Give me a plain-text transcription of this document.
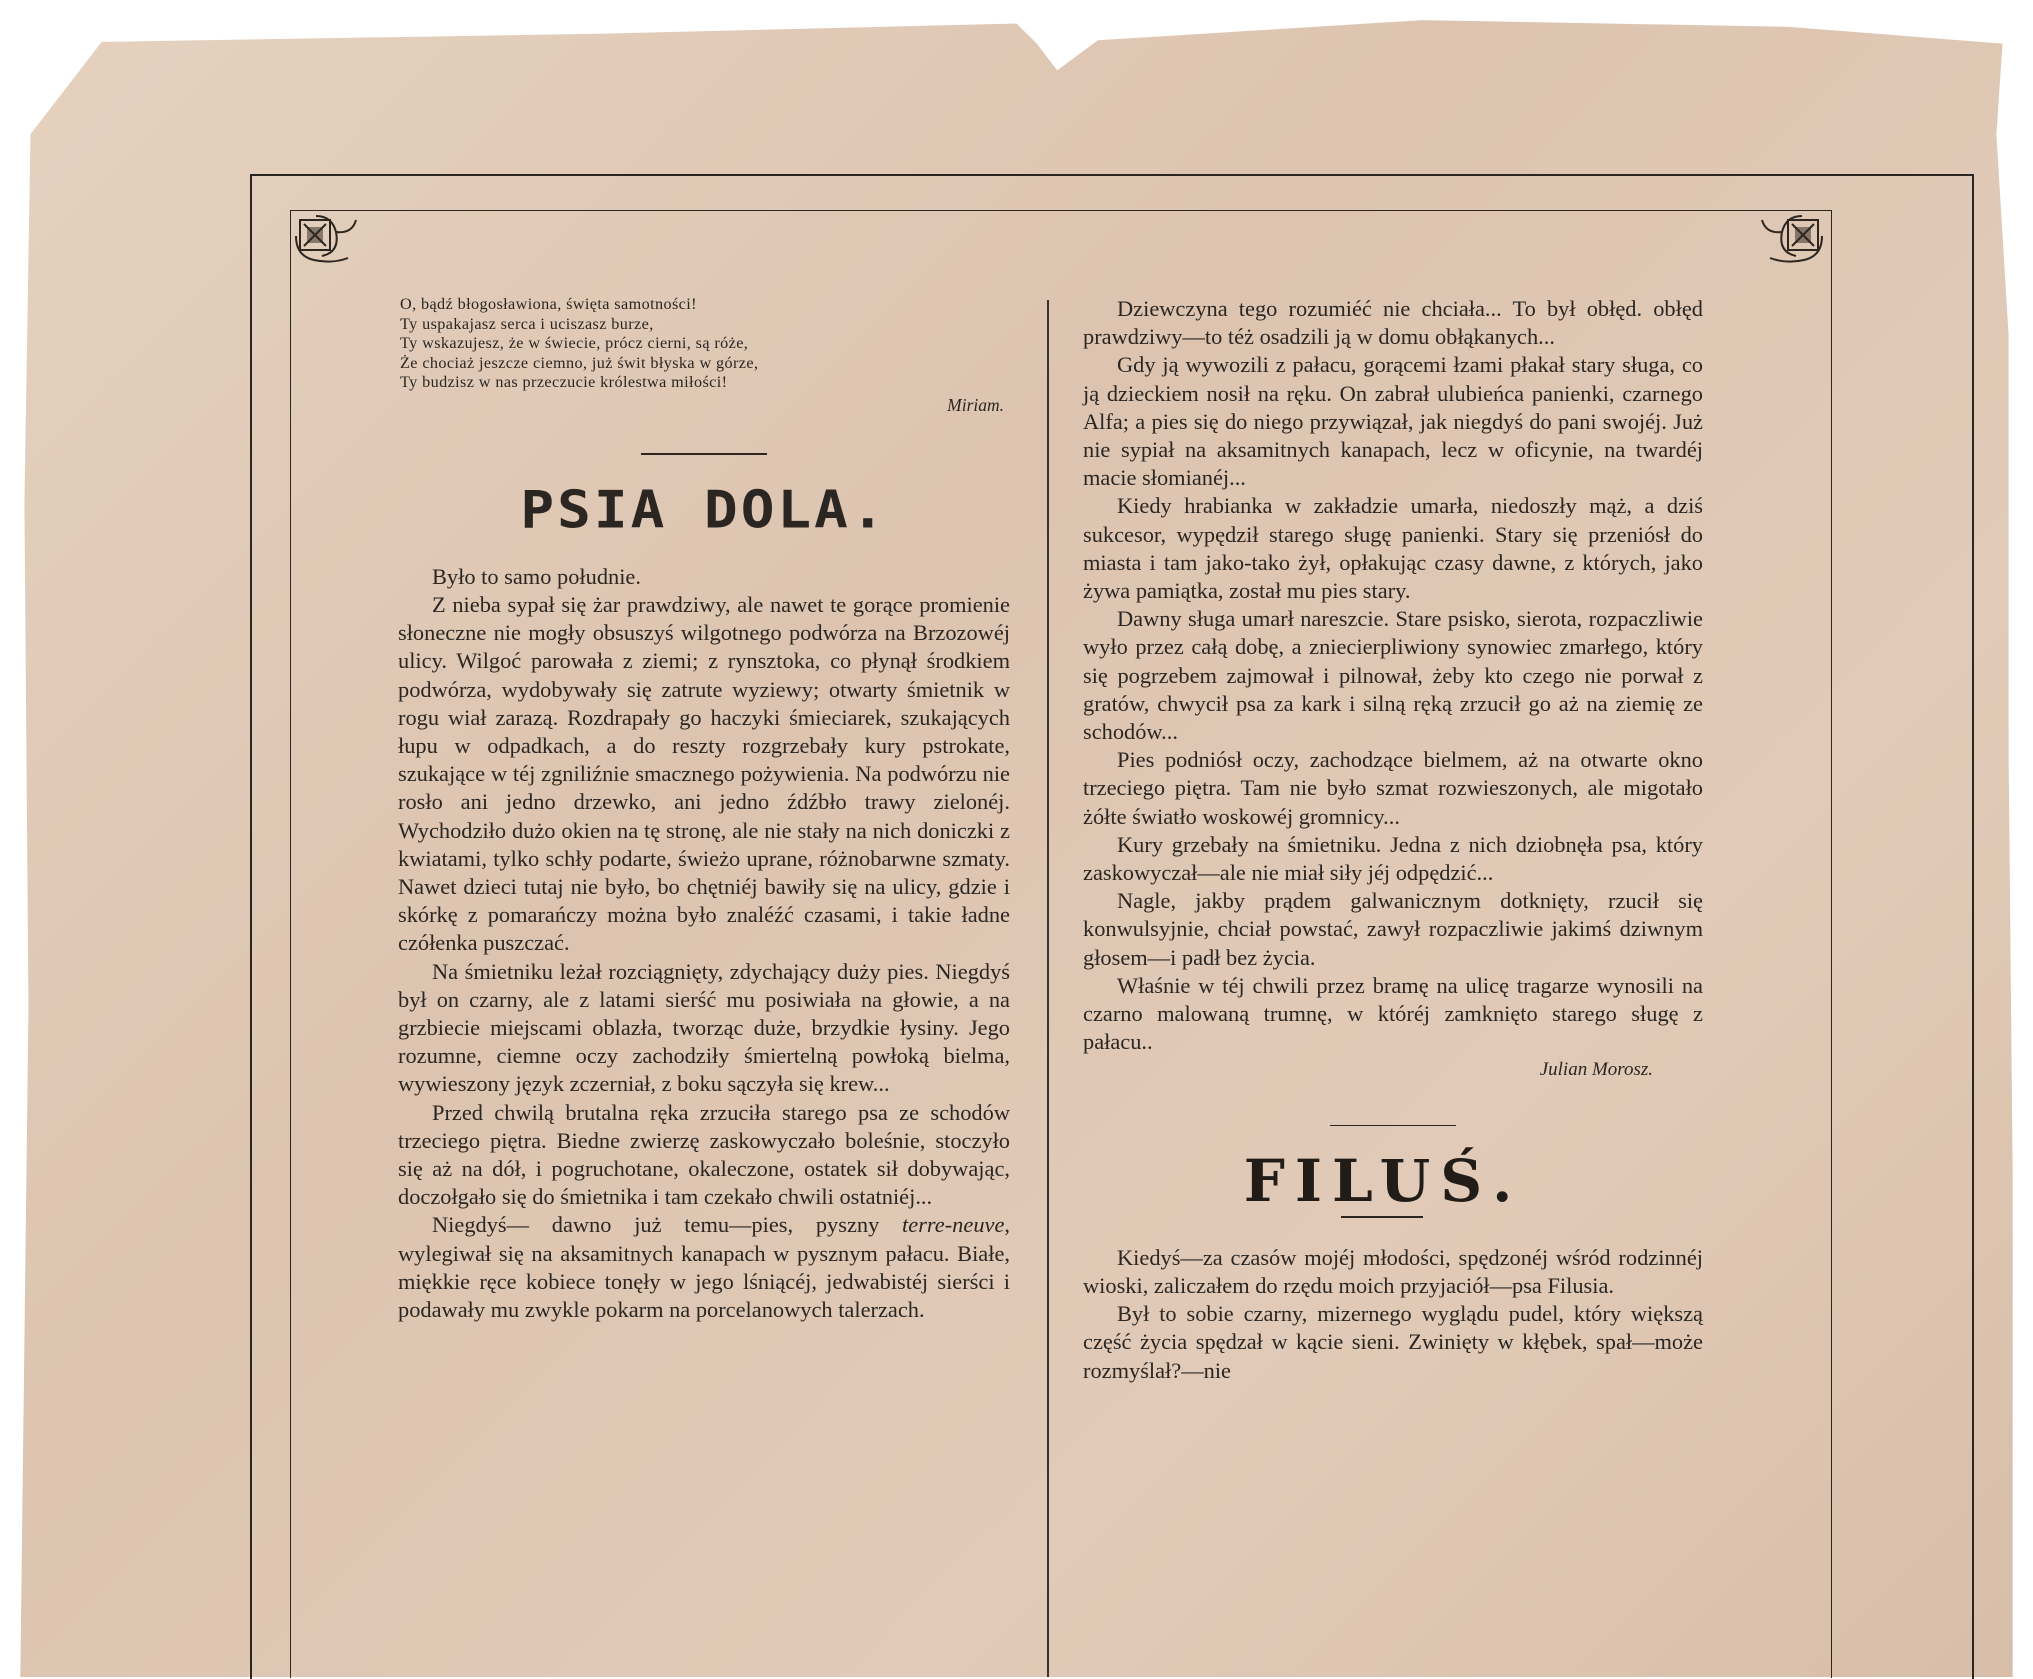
O, bądź błogosławiona, święta samotności!
Ty uspakajasz serca i uciszasz burze,
Ty wskazujesz, że w świecie, prócz cierni, są róże,
Że chociaż jeszcze ciemno, już świt błyska w górze,
Ty budzisz w nas przeczucie królestwa miłości!
Miriam.
PSIA DOLA.

Było to samo południe.

Z nieba sypał się żar prawdziwy, ale nawet te gorące promienie słoneczne nie mogły obsuszyś wilgotnego podwórza na Brzozowéj ulicy. Wilgoć parowała z ziemi; z rynsztoka, co płynął środkiem podwórza, wydobywały się zatrute wyziewy; otwarty śmietnik w rogu wiał zarazą. Rozdrapały go haczyki śmieciarek, szukających łupu w odpadkach, a do reszty rozgrzebały kury pstrokate, szukające w téj zgniliźnie smacznego pożywienia. Na podwórzu nie rosło ani jedno drzewko, ani jedno źdźbło trawy zielonéj. Wychodziło dużo okien na tę stronę, ale nie stały na nich doniczki z kwiatami, tylko schły podarte, świeżo uprane, różnobarwne szmaty. Nawet dzieci tutaj nie było, bo chętniéj bawiły się na ulicy, gdzie i skórkę z pomarańczy można było znaléźć czasami, i takie ładne czółenka puszczać.

Na śmietniku leżał rozciągnięty, zdychający duży pies. Niegdyś był on czarny, ale z latami sierść mu posiwiała na głowie, a na grzbiecie miejscami oblazła, tworząc duże, brzydkie łysiny. Jego rozumne, ciemne oczy zachodziły śmiertelną powłoką bielma, wywieszony język zczerniał, z boku sączyła się krew...

Przed chwilą brutalna ręka zrzuciła starego psa ze schodów trzeciego piętra. Biedne zwierzę zaskowyczało boleśnie, stoczyło się aż na dół, i pogruchotane, okaleczone, ostatek sił dobywając, doczołgało się do śmietnika i tam czekało chwili ostatniéj...

Niegdyś— dawno już temu—pies, pyszny terre-neuve, wylegiwał się na aksamitnych kanapach w pysznym pałacu. Białe, miękkie ręce kobiece tonęły w jego lśniącéj, jedwabistéj sierści i podawały mu zwykle pokarm na porcelanowych talerzach.

Dziewczyna tego rozumiéć nie chciała... To był obłęd. obłęd prawdziwy—to téż osadzili ją w domu obłąkanych...

Gdy ją wywozili z pałacu, gorącemi łzami płakał stary sługa, co ją dzieckiem nosił na ręku. On zabrał ulubieńca panienki, czarnego Alfa; a pies się do niego przywiązał, jak niegdyś do pani swojéj. Już nie sypiał na aksamitnych kanapach, lecz w oficynie, na twardéj macie słomianéj...

Kiedy hrabianka w zakładzie umarła, niedoszły mąż, a dziś sukcesor, wypędził starego sługę panienki. Stary się przeniósł do miasta i tam jako-tako żył, opłakując czasy dawne, z których, jako żywa pamiątka, został mu pies stary.

Dawny sługa umarł nareszcie. Stare psisko, sierota, rozpaczliwie wyło przez całą dobę, a zniecierpliwiony synowiec zmarłego, który się pogrzebem zajmował i pilnował, żeby kto czego nie porwał z gratów, chwycił psa za kark i silną ręką zrzucił go aż na ziemię ze schodów...

Pies podniósł oczy, zachodzące bielmem, aż na otwarte okno trzeciego piętra. Tam nie było szmat rozwieszonych, ale migotało żółte światło woskowéj gromnicy...

Kury grzebały na śmietniku. Jedna z nich dziobnęła psa, który zaskowyczał—ale nie miał siły jéj odpędzić...

Nagle, jakby prądem galwanicznym dotknięty, rzucił się konwulsyjnie, chciał powstać, zawył rozpaczliwie jakimś dziwnym głosem—i padł bez życia.

Właśnie w téj chwili przez bramę na ulicę tragarze wynosili na czarno malowaną trumnę, w któréj zamknięto starego sługę z pałacu..

Julian Morosz.
FILUŚ.

Kiedyś—za czasów mojéj młodości, spędzonéj wśród rodzinnéj wioski, zaliczałem do rzędu moich przyjaciół—psa Filusia.

Był to sobie czarny, mizernego wyglądu pudel, który większą część życia spędzał w kącie sieni. Zwinięty w kłębek, spał—może rozmyślał?—nie
